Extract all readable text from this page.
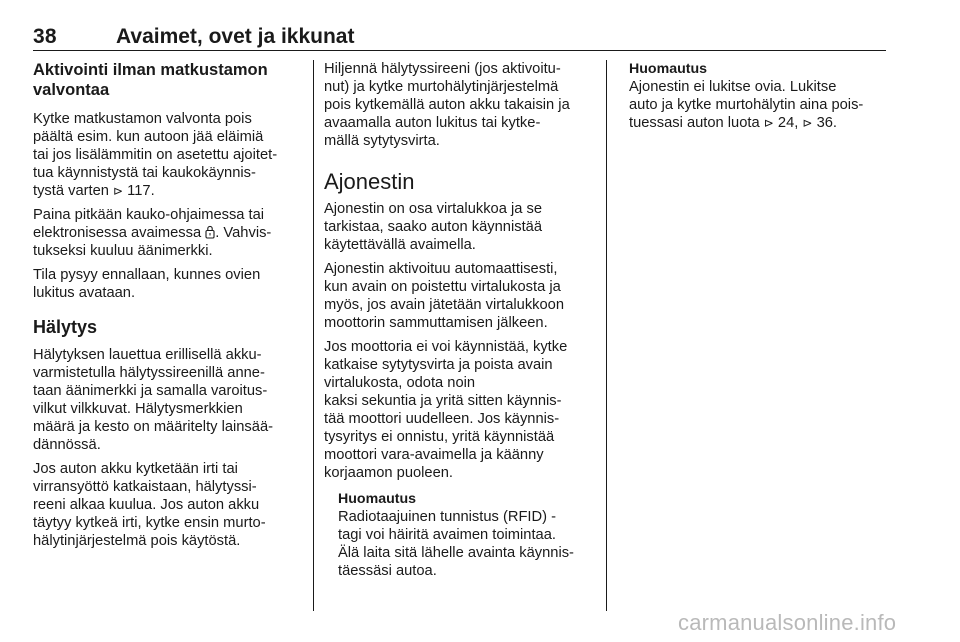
38	Avaimet, ovet ja ikkunat
Aktivointi ilman matkustamon
valvontaa

Kytke matkustamon valvonta pois
päältä esim. kun autoon jää eläimiä
tai jos lisälämmitin on asetettu ajoitet-
tua käynnistystä tai kaukokäynnis-
tystä varten ⊳ 117.

Paina pitkään kauko-ohjaimessa tai
elektronisessa avaimessa . Vahvis-
tukseksi kuuluu äänimerkki.

Tila pysyy ennallaan, kunnes ovien
lukitus avataan.

Hälytys

Hälytyksen lauettua erillisellä akku-
varmistetulla hälytyssireenillä anne-
taan äänimerkki ja samalla varoitus-
vilkut vilkkuvat. Hälytysmerkkien
määrä ja kesto on määritelty lainsää-
dännössä.

Jos auton akku kytketään irti tai
virransyöttö katkaistaan, hälytyssi-
reeni alkaa kuulua. Jos auton akku
täytyy kytkeä irti, kytke ensin murto-
hälytinjärjestelmä pois käytöstä.

Hiljennä hälytyssireeni (jos aktivoitu-
nut) ja kytke murtohälytinjärjestelmä
pois kytkemällä auton akku takaisin ja
avaamalla auton lukitus tai kytke-
mällä sytytysvirta.

Ajonestin

Ajonestin on osa virtalukkoa ja se
tarkistaa, saako auton käynnistää
käytettävällä avaimella.

Ajonestin aktivoituu automaattisesti,
kun avain on poistettu virtalukosta ja
myös, jos avain jätetään virtalukkoon
moottorin sammuttamisen jälkeen.

Jos moottoria ei voi käynnistää, kytke
katkaise sytytysvirta ja poista avain
virtalukosta, odota noin
kaksi sekuntia ja yritä sitten käynnis-
tää moottori uudelleen. Jos käynnis-
tysyritys ei onnistu, yritä käynnistää
moottori vara-avaimella ja käänny
korjaamon puoleen.

Huomautus
Radiotaajuinen tunnistus (RFID) -
tagi voi häiritä avaimen toimintaa.
Älä laita sitä lähelle avainta käynnis-
täessäsi autoa.
Huomautus
Ajonestin ei lukitse ovia. Lukitse
auto ja kytke murtohälytin aina pois-
tuessasi auton luota ⊳ 24, ⊳ 36.
carmanualsonline.info
